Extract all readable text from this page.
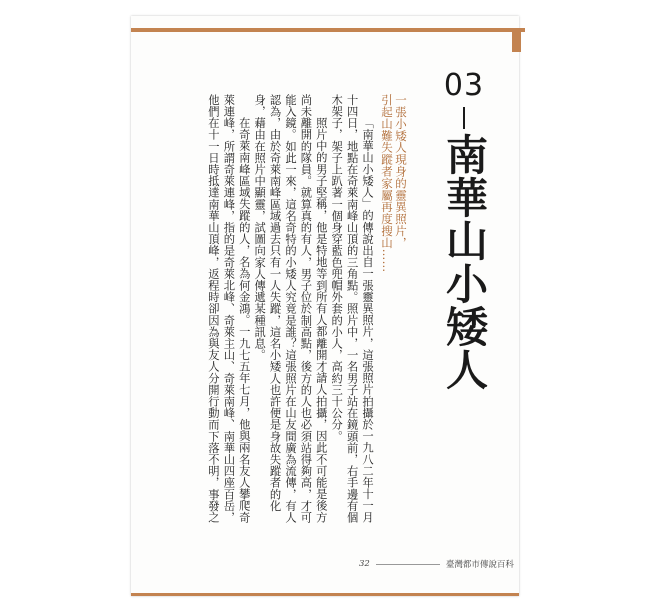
03
南華山小矮人
一張小矮人現身的靈異照片，
引起山難失蹤者家屬再度搜山……

「南華山小矮人」的傳說出自一張靈異照片，這張照片拍攝於一九八二年十一月十四日，地點在奇萊南峰山頂的三角點。照片中，一名男子站在鏡頭前，右手邊有個木架子，架子上趴著一個身穿藍色兜帽外套的小人，高約三十公分。

照片中的男子堅稱，他是特地等到所有人都離開才請人拍攝，因此不可能是後方尚未離開的隊員。就算真的有人，男子位於制高點，後方的人也必須站得夠高，才可能入鏡。如此一來，這名奇特的小矮人究竟是誰？這張照片在山友間廣為流傳，有人認為，由於奇萊南峰區域過去只有一人失蹤，這名小矮人也許便是身故失蹤者的化身，藉由在照片中顯靈，試圖向家人傳遞某種訊息。

在奇萊南峰區域失蹤的人，名為何金鴻。一九七五年七月，他與兩名友人攀爬奇萊連峰，所謂奇萊連峰，指的是奇萊北峰、奇萊主山、奇萊南峰、南華山四座百岳，他們在十一日時抵達南華山頂峰，返程時卻因為與友人分開行動而下落不明，事發之

32	臺灣都市傳說百科
